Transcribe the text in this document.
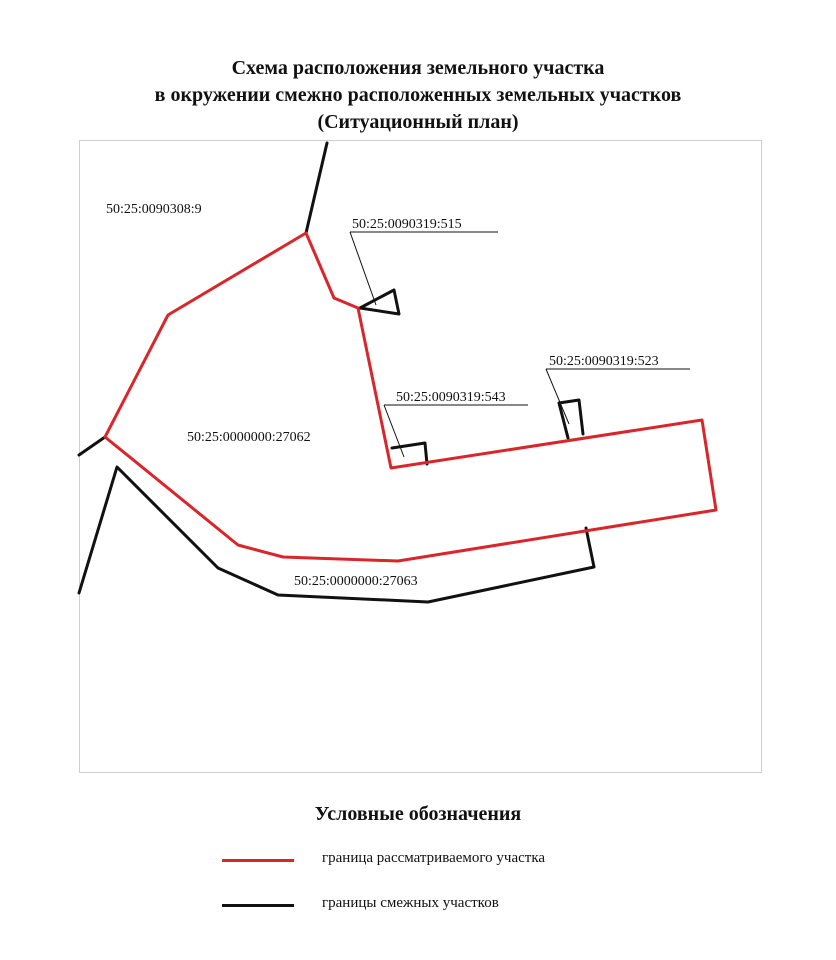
Схема расположения земельного участка
в окружении смежно расположенных земельных участков
(Ситуационный план)
50:25:0090308:9
50:25:0090319:515
50:25:0090319:523
50:25:0090319:543
50:25:0000000:27062
50:25:0000000:27063
Условные обозначения
граница рассматриваемого участка
границы смежных участков
